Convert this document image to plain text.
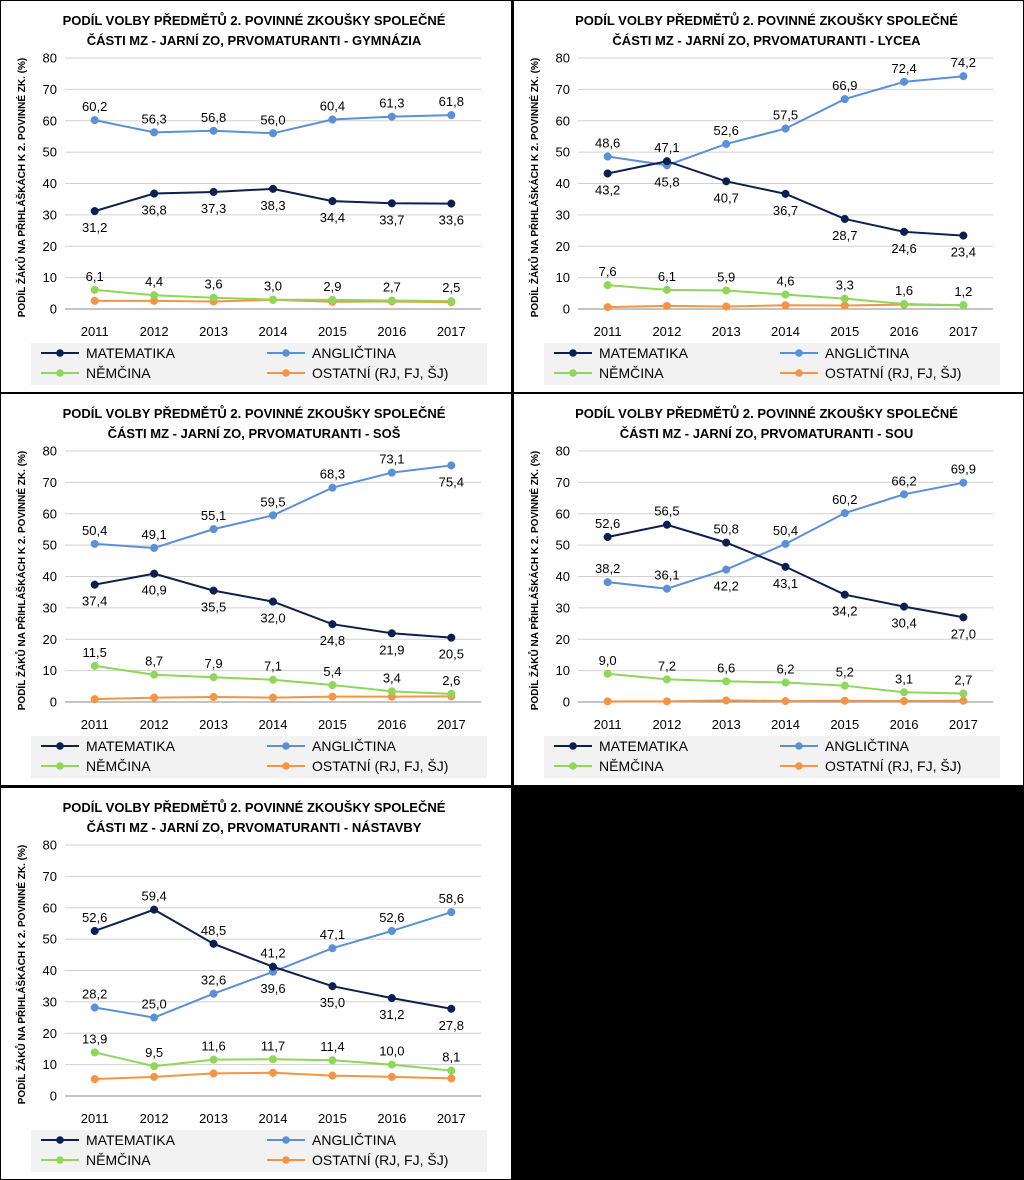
PODÍL VOLBY PŘEDMĚTŮ 2. POVINNÉ ZKOUŠKY SPOLEČNÉ
ČÁSTI MZ - JARNÍ ZO, PRVOMATURANTI - GYMNÁZIA
0
10
20
30
40
50
60
70
80
2011 2012 2013 2014 2015 2016 2017
PODÍL ŽÁKŮ NA PŘIHLÁŠKÁCH K 2. POVINNÉ ZK. (%)	31,2
36,8	37,3	38,3
34,4	33,7	33,6
60,2
56,3	56,8	56,0
60,4	61,3	61,8
6,1	4,4	3,6	3,0	2,9	2,7	2,5
MATEMATIKA	ANGLIČTINA
NĚMČINA	OSTATNÍ (RJ, FJ, ŠJ)
PODÍL VOLBY PŘEDMĚTŮ 2. POVINNÉ ZKOUŠKY SPOLEČNÉ
ČÁSTI MZ - JARNÍ ZO, PRVOMATURANTI - LYCEA
0
10
20
30
40
50
60
70
80
2011 2012 2013 2014 2015 2016 2017
PODÍL ŽÁKŮ NA PŘIHLÁŠKÁCH K 2. POVINNÉ ZK. (%)	43,2
47,1
40,7
36,7
28,7
24,6	23,4
48,6
45,8
52,6
57,5
66,9
72,4	74,2
7,6	6,1	5,9	4,6	3,3	1,6	1,2
MATEMATIKA	ANGLIČTINA
NĚMČINA	OSTATNÍ (RJ, FJ, ŠJ)
PODÍL VOLBY PŘEDMĚTŮ 2. POVINNÉ ZKOUŠKY SPOLEČNÉ
ČÁSTI MZ - JARNÍ ZO, PRVOMATURANTI - SOŠ
0
10
20
30
40
50
60
70
80
2011 2012 2013 2014 2015 2016 2017
PODÍL ŽÁKŮ NA PŘIHLÁŠKÁCH K 2. POVINNÉ ZK. (%)	37,4
40,9
35,5
32,0
24,8
21,9	20,5
50,4	49,1
55,1
59,5
68,3
73,1
75,4
11,5
8,7	7,9	7,1	5,4	3,4	2,6
MATEMATIKA	ANGLIČTINA
NĚMČINA	OSTATNÍ (RJ, FJ, ŠJ)
PODÍL VOLBY PŘEDMĚTŮ 2. POVINNÉ ZKOUŠKY SPOLEČNÉ
ČÁSTI MZ - JARNÍ ZO, PRVOMATURANTI - SOU
0
10
20
30
40
50
60
70
80
2011 2012 2013 2014 2015 2016 2017
PODÍL ŽÁKŮ NA PŘIHLÁŠKÁCH K 2. POVINNÉ ZK. (%)	52,6
56,5
50,8
43,1
34,2
30,4
27,0
38,2	36,1
42,2
50,4
60,2
66,2
69,9
9,0	7,2	6,6	6,2	5,2	3,1	2,7
MATEMATIKA	ANGLIČTINA
NĚMČINA	OSTATNÍ (RJ, FJ, ŠJ)
PODÍL VOLBY PŘEDMĚTŮ 2. POVINNÉ ZKOUŠKY SPOLEČNÉ
ČÁSTI MZ - JARNÍ ZO, PRVOMATURANTI - NÁSTAVBY
0
10
20
30
40
50
60
70
80
2011 2012 2013 2014 2015 2016 2017
PODÍL ŽÁKŮ NA PŘIHLÁŠKÁCH K 2. POVINNÉ ZK. (%)	52,6
59,4
48,5
41,2
35,0
31,2
27,8
28,2
25,0
32,6
39,6
47,1
52,6
58,6
13,9
9,5	11,6	11,7	11,4	10,0	8,1
MATEMATIKA	ANGLIČTINA
NĚMČINA	OSTATNÍ (RJ, FJ, ŠJ)
